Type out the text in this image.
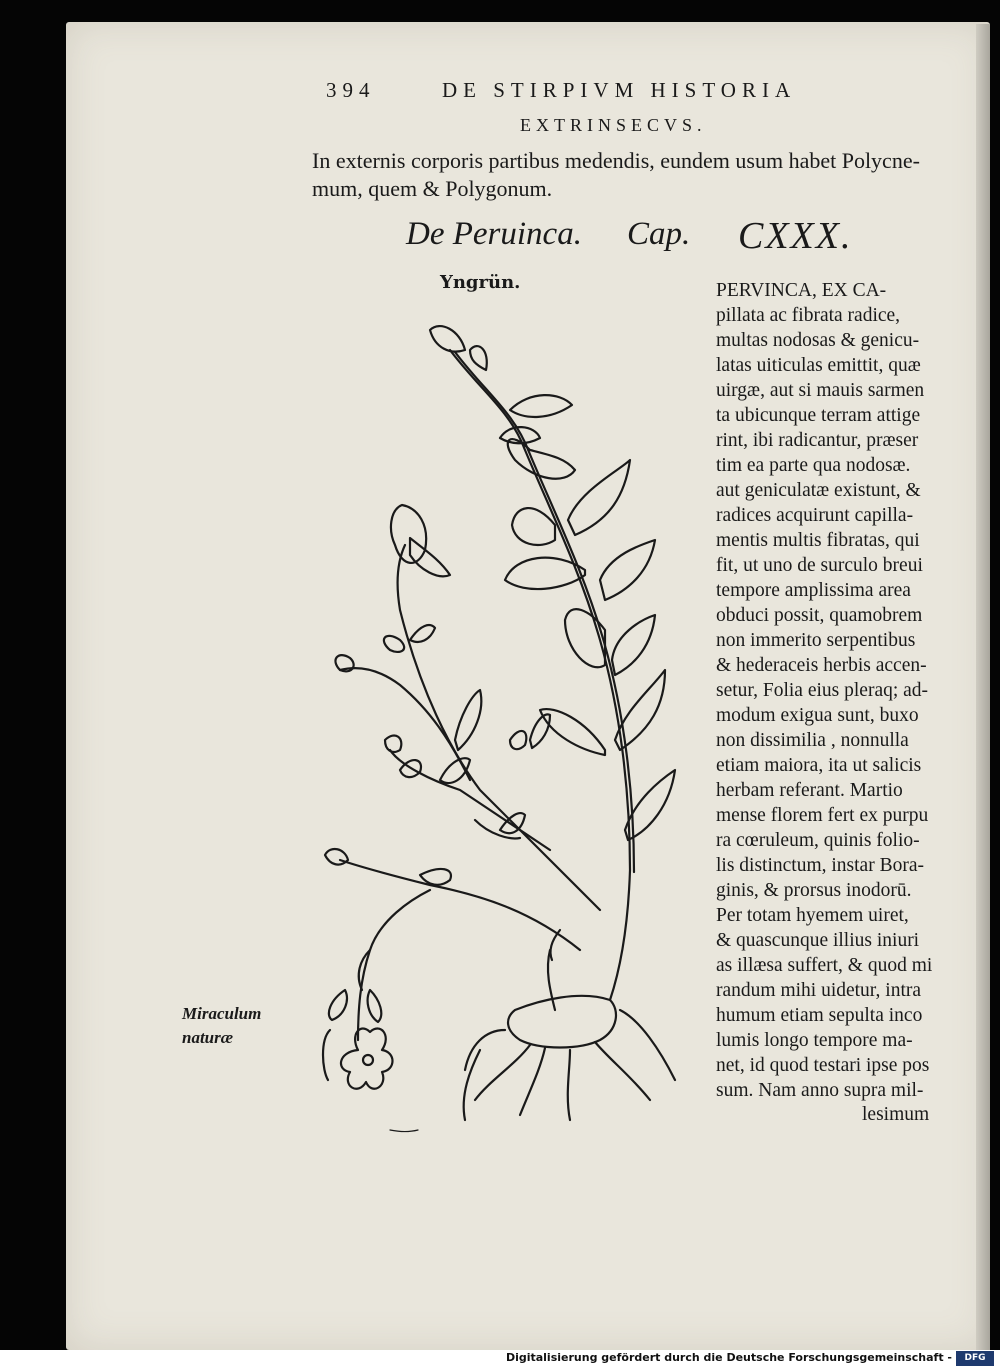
394	DE STIRPIVM HISTORIA
EXTRINSECVS.
In externis corporis partibus medendis, eundem usum habet Polycne-
mum, quem & Polygonum.
De Peruinca. Cap. CXXX.
Yngrün.	PERVINCA, EX CA-
pillata ac fibrata radice,
multas nodosas & genicu-
latas uiticulas emittit, quæ
uirgæ, aut si mauis sarmen
ta ubicunque terram attige
rint, ibi radicantur, præser
tim ea parte qua nodosæ.
aut geniculatæ existunt, &
radices acquirunt capilla-
mentis multis fibratas, qui
fit, ut uno de surculo breui
tempore amplissima area
obduci possit, quamobrem
non immerito serpentibus
& hederaceis herbis accen-
setur, Folia eius pleraq; ad-
modum exigua sunt, buxo
non dissimilia , nonnulla
etiam maiora, ita ut salicis
herbam referant. Martio
mense florem fert ex purpu
ra cœruleum, quinis folio-
lis distinctum, instar Bora-
ginis, & prorsus inodorū.
Per totam hyemem uiret,
& quascunque illius iniuri
as illæsa suffert, & quod mi
randum mihi uidetur, intra
humum etiam sepulta inco
lumis longo tempore ma-
net, id quod testari ipse pos
sum. Nam anno supra mil-
lesimum
Miraculum
naturæ
Digitalisierung gefördert durch die Deutsche Forschungsgemeinschaft -	DFG
